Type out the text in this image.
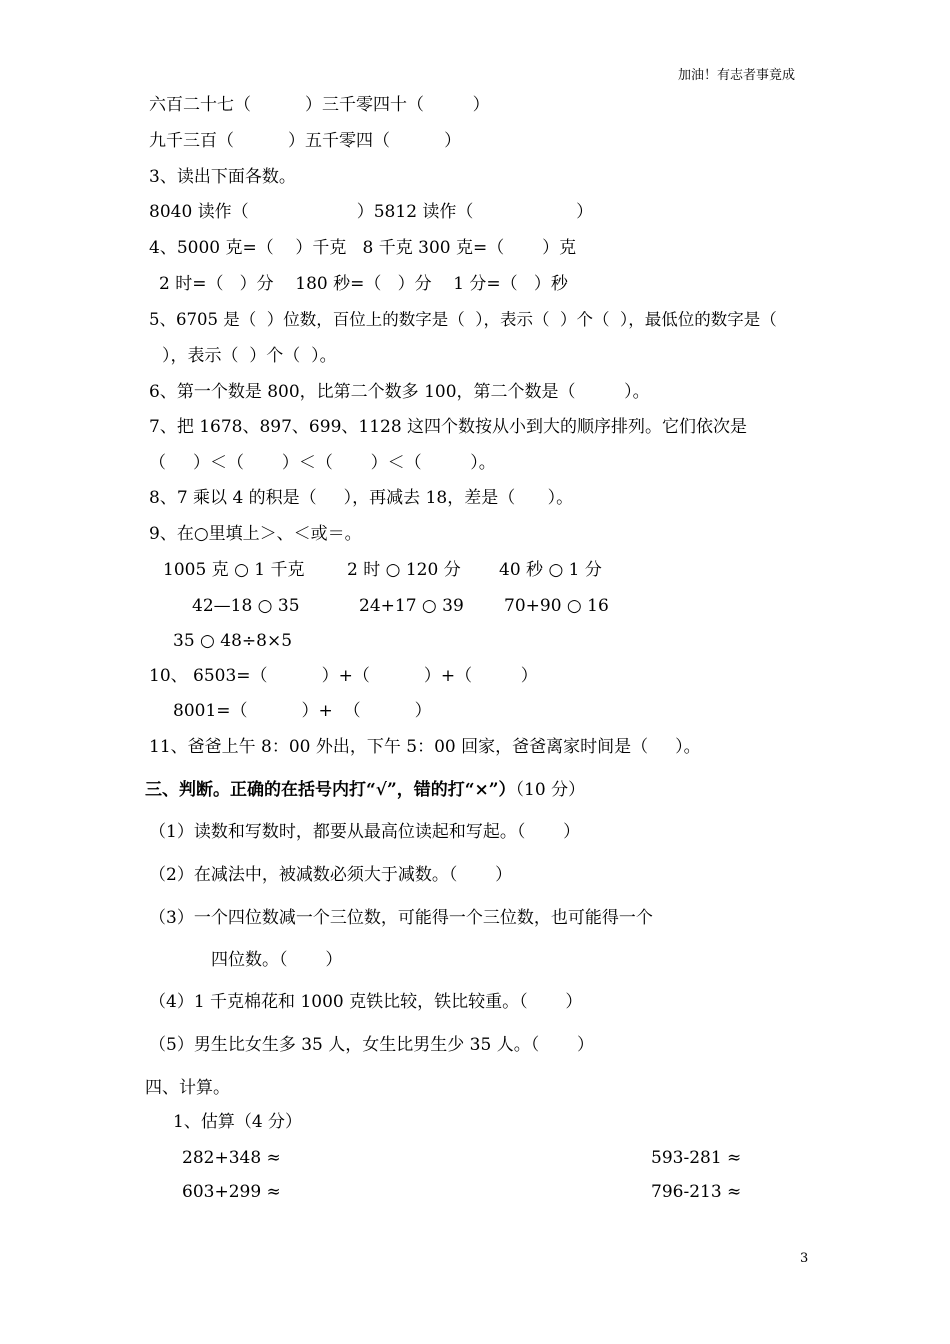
加油！有志者事竟成
六百二十七（          ）三千零四十（         ）
九千三百（          ）五千零四（          ）
3、读出下面各数。
8040 读作（                    ）5812 读作（                   ）
4、5000 克=（    ）千克   8 千克 300 克=（       ）克
2 时=（   ）分    180 秒=（   ）分    1 分=（   ）秒
5、6705 是（  ）位数，百位上的数字是（  ），表示（  ）个（  ），最低位的数字是（
），表示（  ）个（  ）。
6、第一个数是 800，比第二个数多 100，第二个数是（         ）。
7、把 1678、897、699、1128 这四个数按从小到大的顺序排列。它们依次是
（     ）＜（       ）＜（       ）＜（         ）。
8、7 乘以 4 的积是（     ），再减去 18，差是（      ）。
9、在○里填上＞、＜或＝。
1005 克 ○ 1 千克 2 时 ○ 120 分 40 秒 ○ 1 分
42—18 ○ 35	24+17 ○ 39 70+90 ○ 16
35 ○ 48÷8×5
10、 6503=（          ）+（          ）+（         ）
8001=（          ）+  （          ）
11、爸爸上午 8：00 外出，下午 5：00 回家，爸爸离家时间是（     ）。
三、判断。正确的在括号内打“√”，错的打“×”）（10 分）
（1）读数和写数时，都要从最高位读起和写起。（       ）
（2）在减法中，被减数必须大于减数。（       ）
（3）一个四位数减一个三位数，可能得一个三位数，也可能得一个
四位数。（       ）
（4）1 千克棉花和 1000 克铁比较，铁比较重。（       ）
（5）男生比女生多 35 人，女生比男生少 35 人。（       ）
四、计算。
1、估算（4 分）
282+348 ≈
603+299 ≈
593-281 ≈
796-213 ≈
3
